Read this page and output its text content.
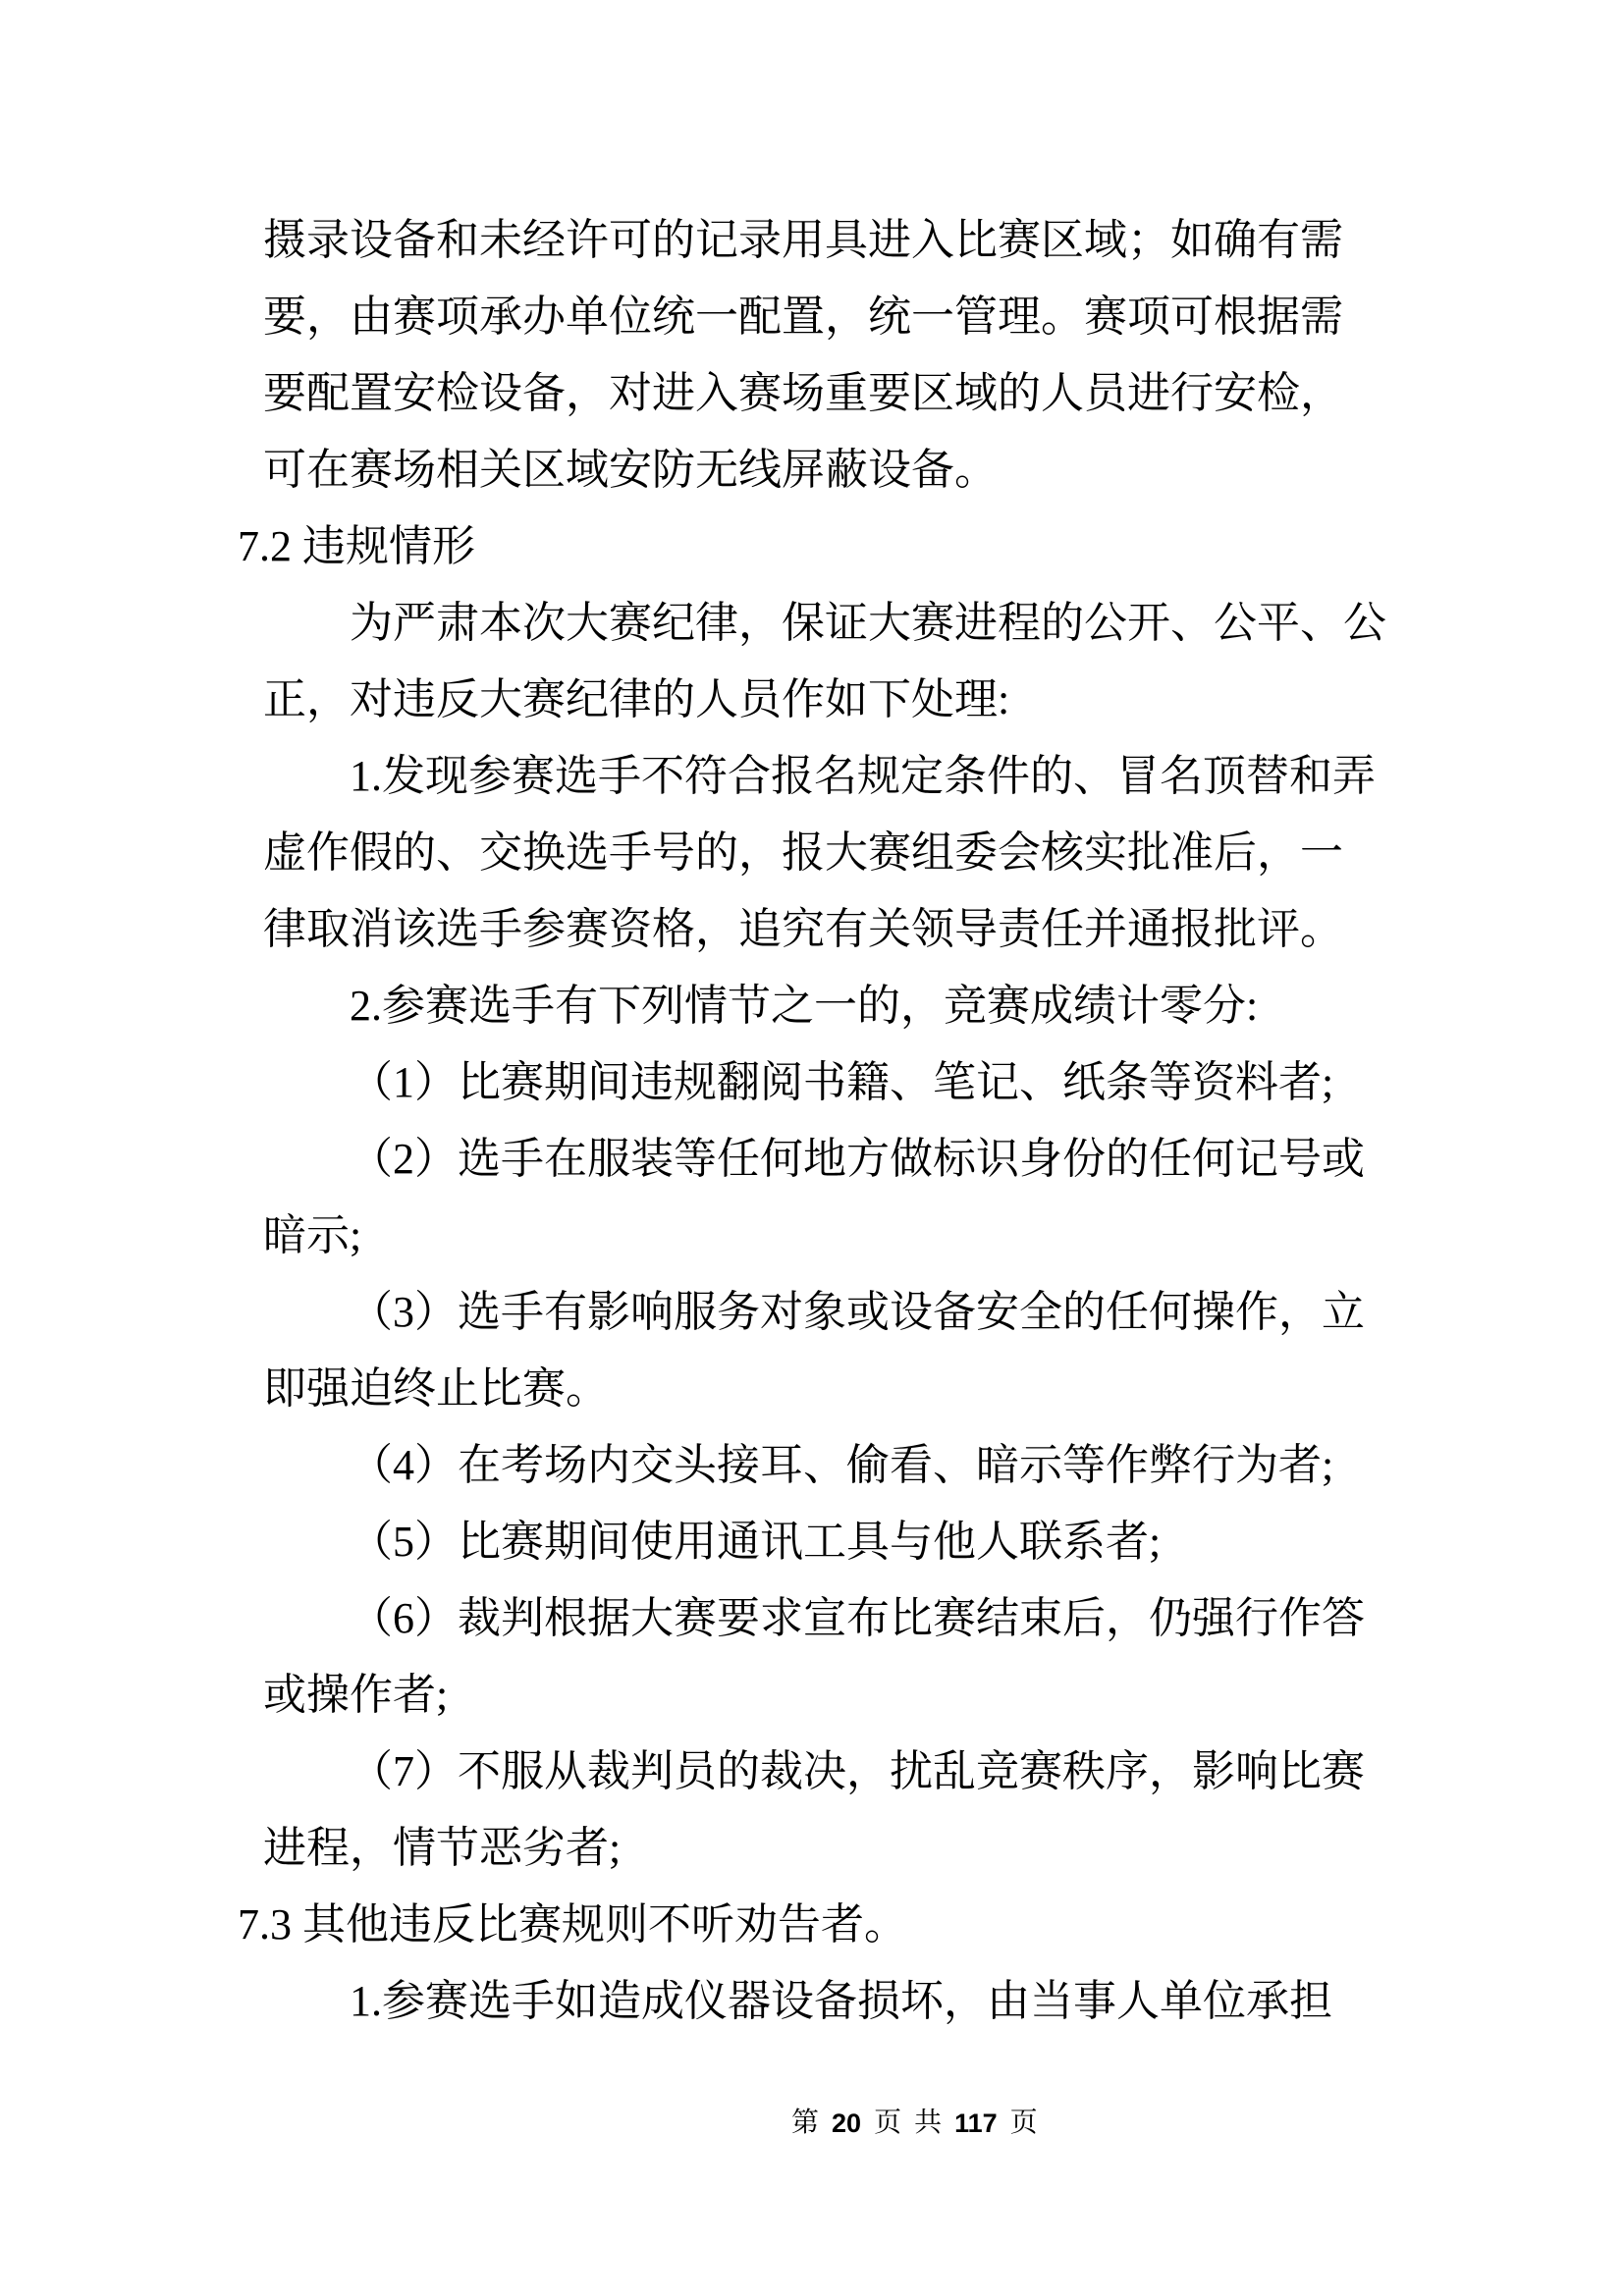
摄录设备和未经许可的记录用具进入比赛区域；如确有需
要，由赛项承办单位统一配置，统一管理。赛项可根据需
要配置安检设备，对进入赛场重要区域的人员进行安检，
可在赛场相关区域安防无线屏蔽设备。
7.2 违规情形
为严肃本次大赛纪律，保证大赛进程的公开、公平、公
正，对违反大赛纪律的人员作如下处理:
1.发现参赛选手不符合报名规定条件的、冒名顶替和弄
虚作假的、交换选手号的，报大赛组委会核实批准后，一
律取消该选手参赛资格，追究有关领导责任并通报批评。
2.参赛选手有下列情节之一的，竞赛成绩计零分:
（1）比赛期间违规翻阅书籍、笔记、纸条等资料者;
（2）选手在服装等任何地方做标识身份的任何记号或
暗示;
（3）选手有影响服务对象或设备安全的任何操作，立
即强迫终止比赛。
（4）在考场内交头接耳、偷看、暗示等作弊行为者;
（5）比赛期间使用通讯工具与他人联系者;
（6）裁判根据大赛要求宣布比赛结束后，仍强行作答
或操作者;
（7）不服从裁判员的裁决，扰乱竞赛秩序，影响比赛
进程，情节恶劣者;
7.3 其他违反比赛规则不听劝告者。
1.参赛选手如造成仪器设备损坏，由当事人单位承担
第 20 页 共 117 页
